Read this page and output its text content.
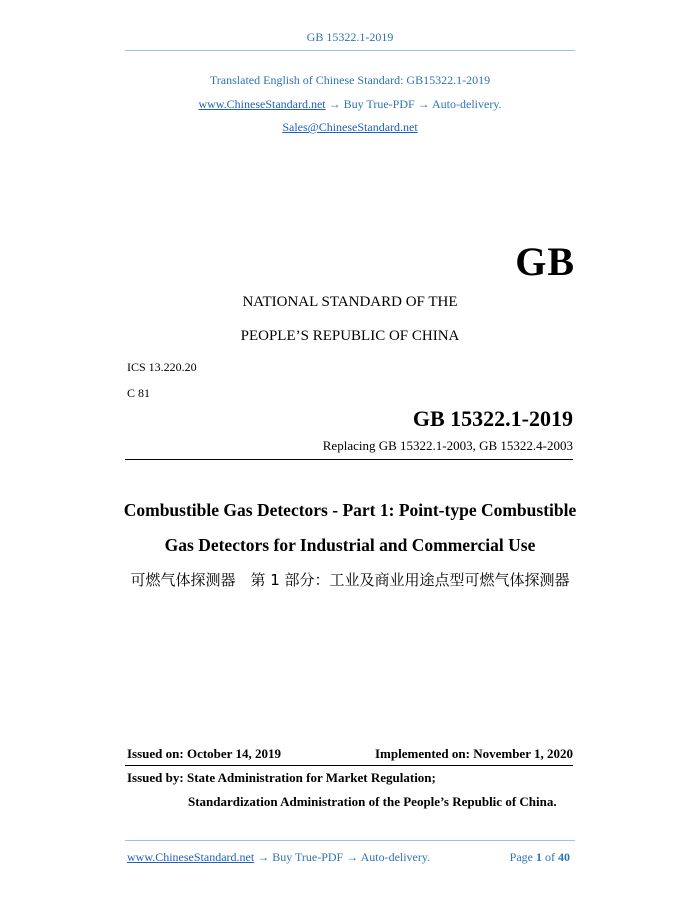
GB 15322.1-2019
Translated English of Chinese Standard: GB15322.1-2019
www.ChineseStandard.net → Buy True-PDF → Auto-delivery.
Sales@ChineseStandard.net
GB
NATIONAL STANDARD OF THE
PEOPLE’S REPUBLIC OF CHINA
ICS 13.220.20
C 81
GB 15322.1-2019
Replacing GB 15322.1-2003, GB 15322.4-2003
Combustible Gas Detectors - Part 1: Point-type Combustible
Gas Detectors for Industrial and Commercial Use
可燃气体探测器　第 1 部分：工业及商业用途点型可燃气体探测器
Issued on: October 14, 2019	Implemented on: November 1, 2020
Issued by: State Administration for Market Regulation;
Standardization Administration of the People’s Republic of China.
www.ChineseStandard.net → Buy True-PDF → Auto-delivery.	Page 1 of 40
